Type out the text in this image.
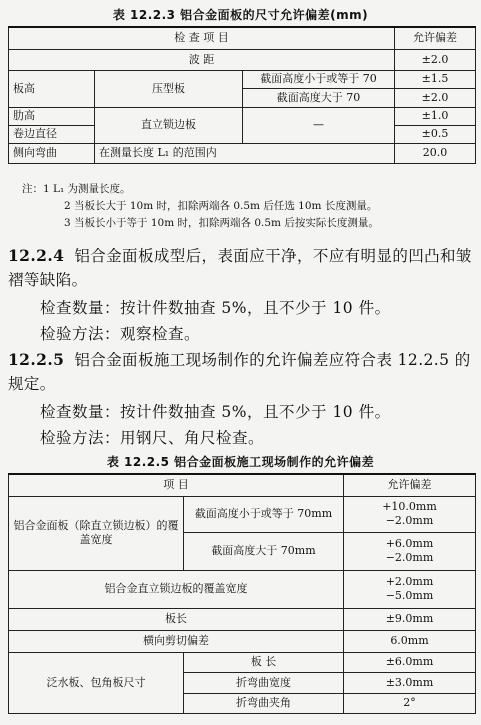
表 12.2.3 铝合金面板的尺寸允许偏差(mm)
检 查 项 目			允许偏差
波 距			±2.0
板高	压型板	截面高度小于或等于 70	±1.5
		截面高度大于 70	±2.0
肋高	直立锁边板	—	±1.0
卷边直径			±0.5
侧向弯曲	在测量长度 L₁ 的范围内		20.0
注：1 L₁ 为测量长度。
2 当板长大于 10m 时，扣除两端各 0.5m 后任选 10m 长度测量。
3 当板长小于等于 10m 时，扣除两端各 0.5m 后按实际长度测量。
12.2.4 铝合金面板成型后，表面应干净，不应有明显的凹凸和皱褶等缺陷。
检查数量：按计件数抽查 5%，且不少于 10 件。
检验方法：观察检查。
12.2.5 铝合金面板施工现场制作的允许偏差应符合表 12.2.5 的规定。
检查数量：按计件数抽查 5%，且不少于 10 件。
检验方法：用钢尺、角尺检查。
表 12.2.5 铝合金面板施工现场制作的允许偏差
项 目		允许偏差
铝合金面板（除直立锁边板）的覆盖宽度	截面高度小于或等于 70mm	+10.0mm
−2.0mm

	截面高度大于 70mm	+6.0mm
−2.0mm

铝合金直立锁边板的覆盖宽度		+2.0mm
−5.0mm

板长		±9.0mm
横向剪切偏差		6.0mm
泛水板、包角板尺寸	板 长	±6.0mm
	折弯曲宽度	±3.0mm
	折弯曲夹角	2°
